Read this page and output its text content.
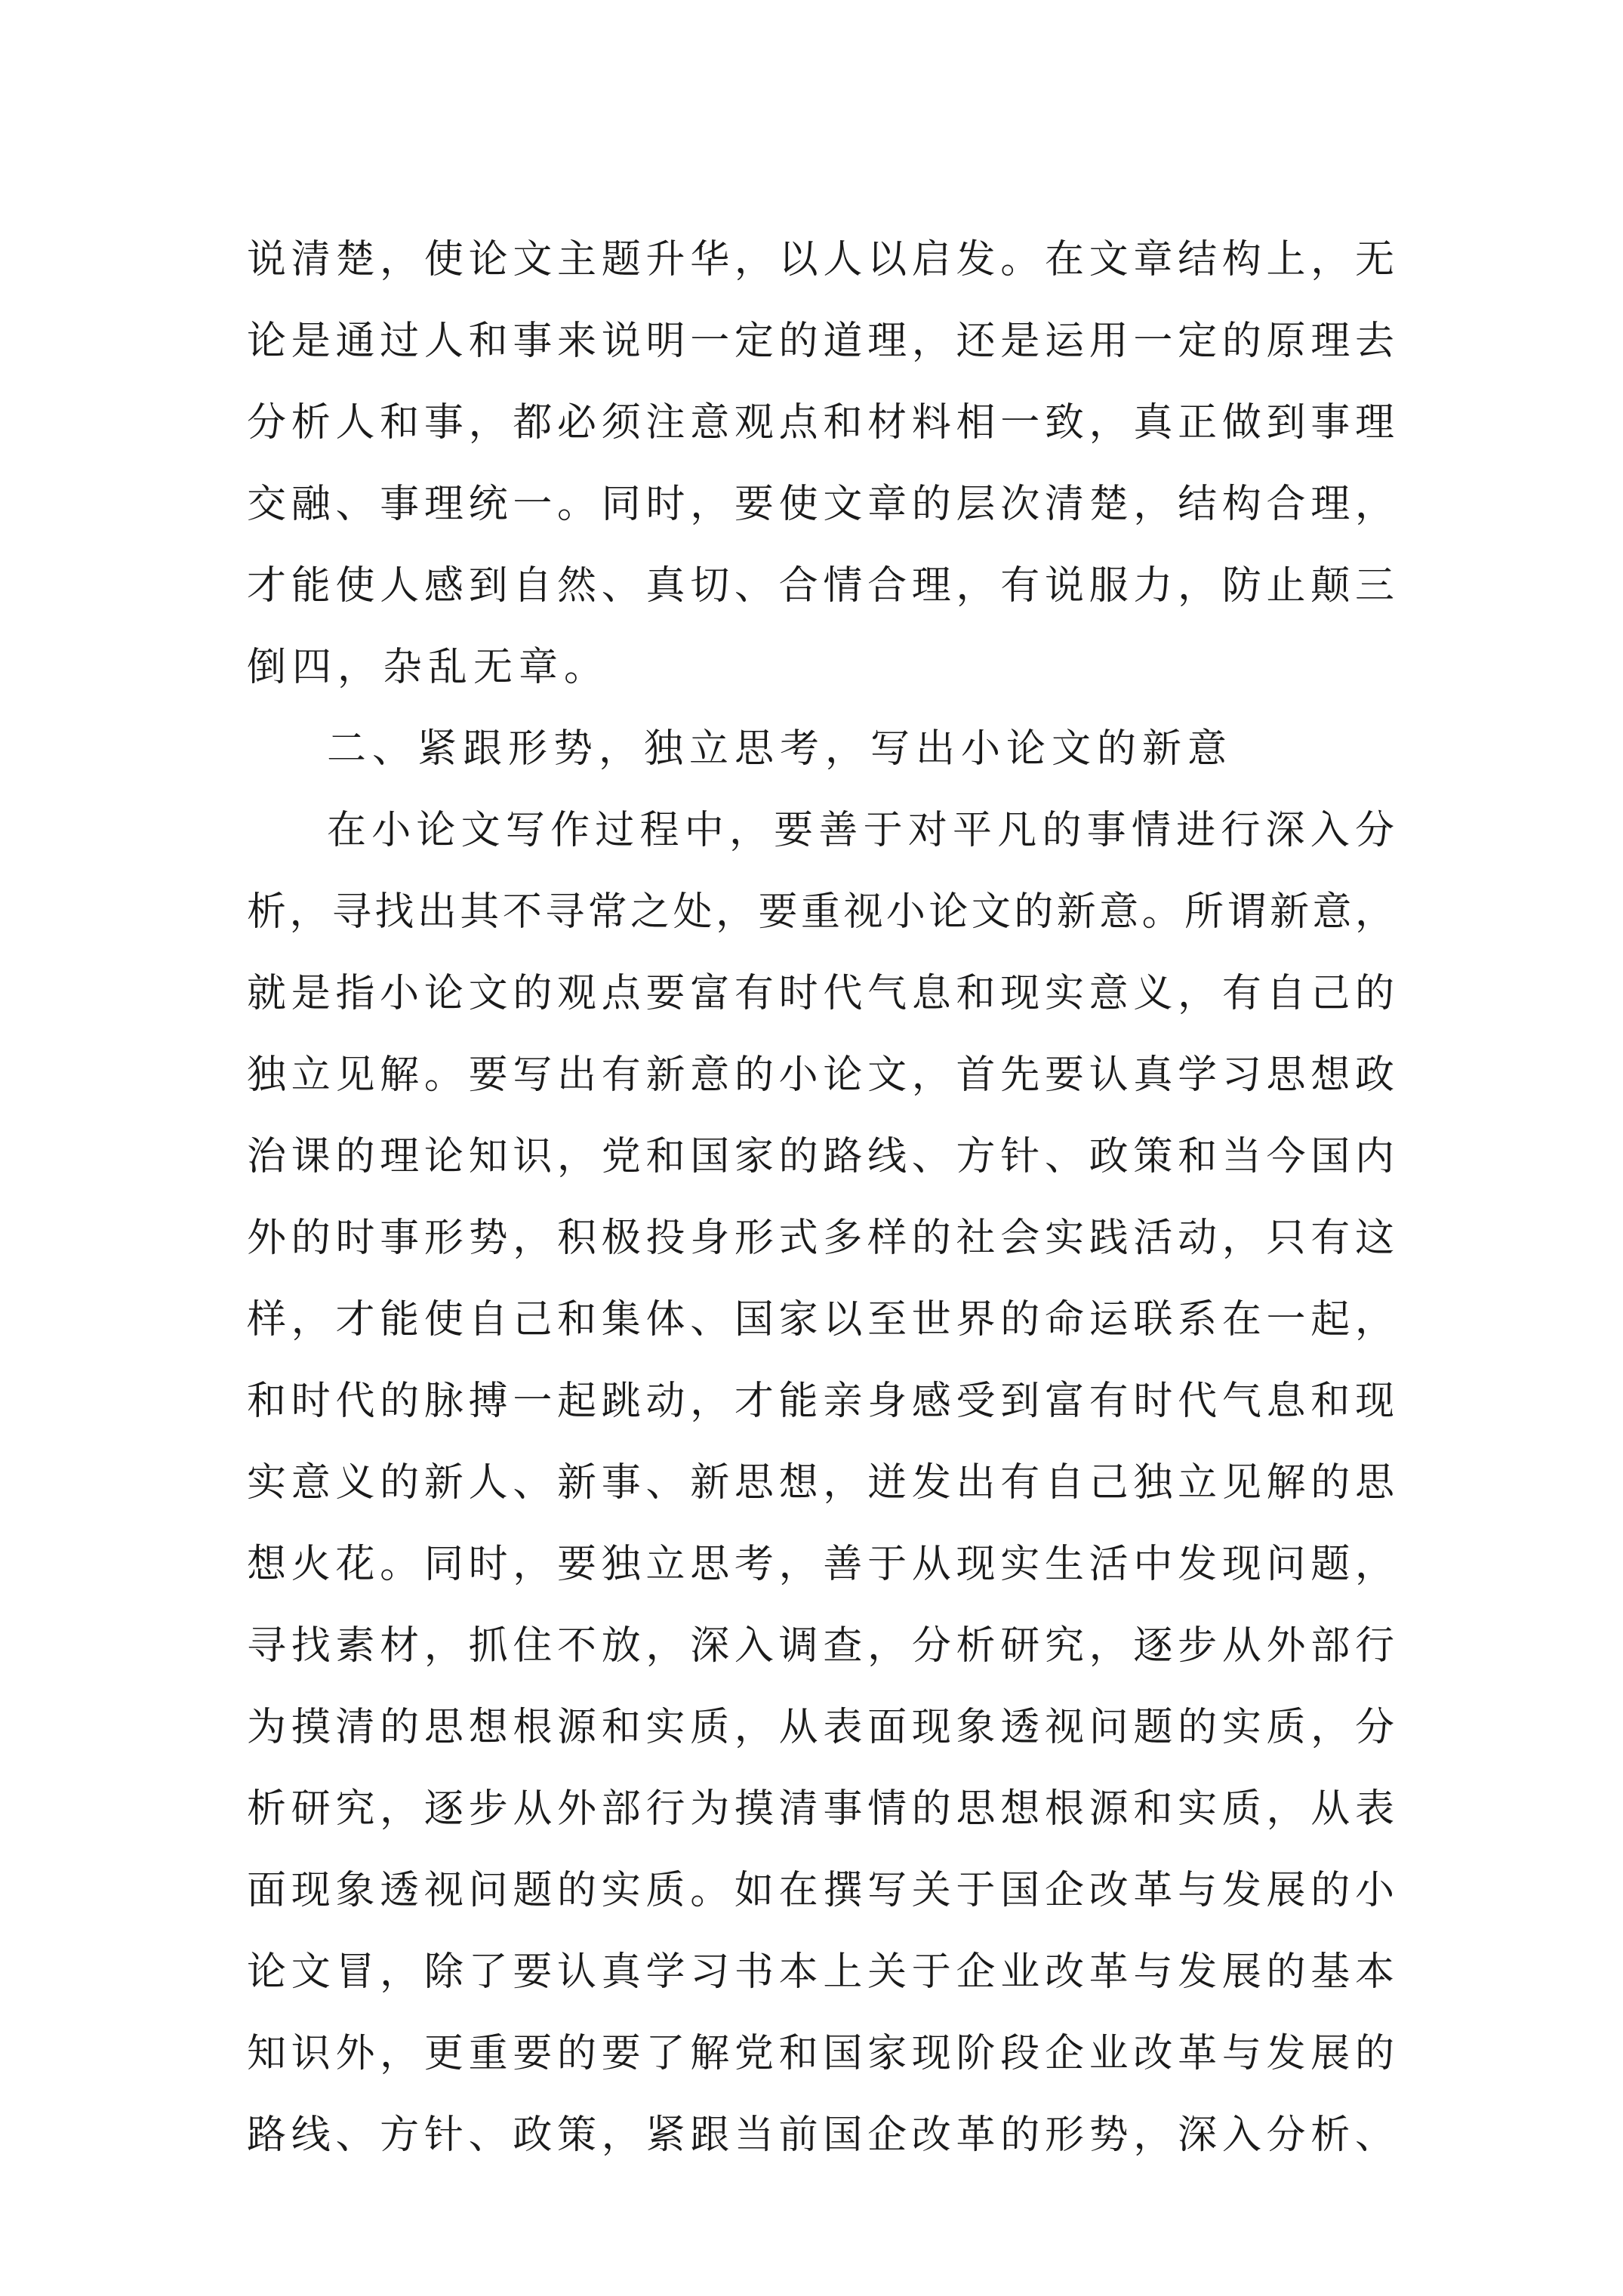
说清楚，使论文主题升华，以人以启发。在文章结构上，无
论是通过人和事来说明一定的道理，还是运用一定的原理去
分析人和事，都必须注意观点和材料相一致，真正做到事理
交融、事理统一。同时，要使文章的层次清楚，结构合理，
才能使人感到自然、真切、合情合理，有说服力，防止颠三
倒四，杂乱无章。
二、紧跟形势，独立思考，写出小论文的新意
在小论文写作过程中，要善于对平凡的事情进行深入分
析，寻找出其不寻常之处，要重视小论文的新意。所谓新意，
就是指小论文的观点要富有时代气息和现实意义，有自己的
独立见解。要写出有新意的小论文，首先要认真学习思想政
治课的理论知识，党和国家的路线、方针、政策和当今国内
外的时事形势，积极投身形式多样的社会实践活动，只有这
样，才能使自己和集体、国家以至世界的命运联系在一起，
和时代的脉搏一起跳动，才能亲身感受到富有时代气息和现
实意义的新人、新事、新思想，迸发出有自己独立见解的思
想火花。同时，要独立思考，善于从现实生活中发现问题，
寻找素材，抓住不放，深入调查，分析研究，逐步从外部行
为摸清的思想根源和实质，从表面现象透视问题的实质，分
析研究，逐步从外部行为摸清事情的思想根源和实质，从表
面现象透视问题的实质。如在撰写关于国企改革与发展的小
论文冒，除了要认真学习书本上关于企业改革与发展的基本
知识外，更重要的要了解党和国家现阶段企业改革与发展的
路线、方针、政策，紧跟当前国企改革的形势，深入分析、
